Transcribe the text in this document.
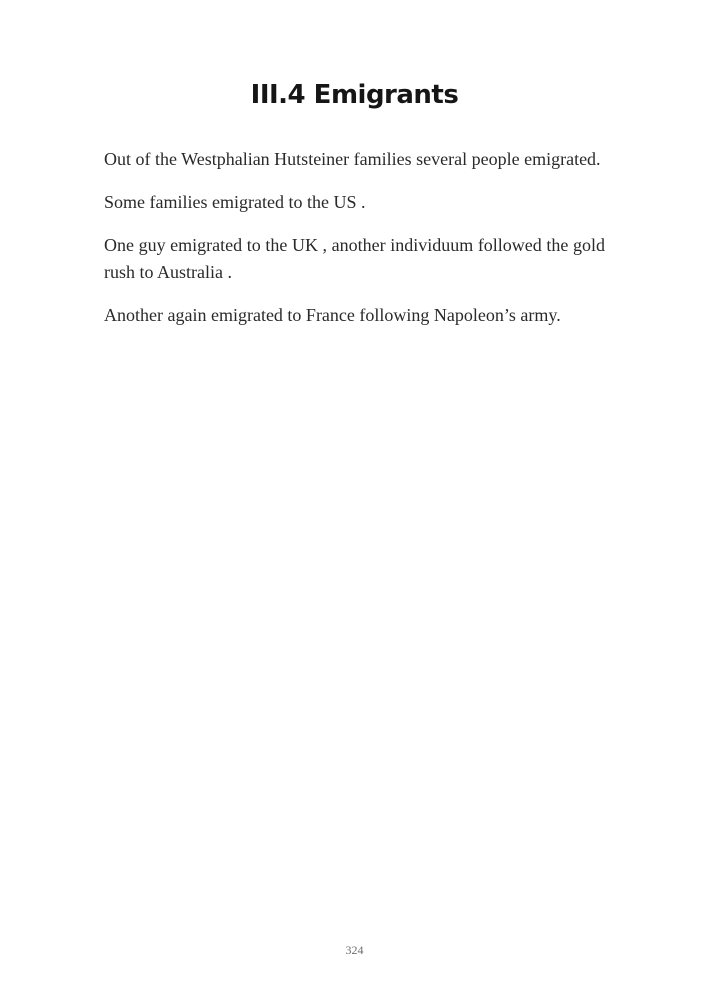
III.4 Emigrants

Out of the Westphalian Hutsteiner families several people emigrated.

Some families emigrated to the US .

One guy emigrated to the UK , another individuum followed the gold rush to Australia .

Another again emigrated to France following Napoleon’s army.

324
